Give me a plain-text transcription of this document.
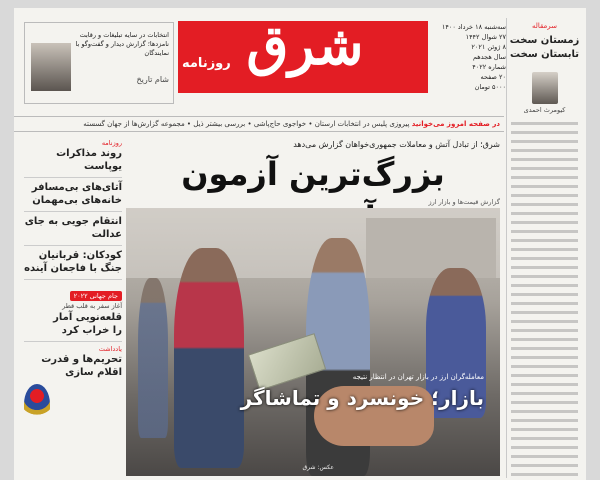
انتخابات در سایه تبلیغات و رقابت نامزدها؛ گزارش دیدار و گفت‌وگو با نمایندگان
شام تاریخ
شرق
روزنامه
سه‌شنبه ۱۸ خرداد ۱۴۰۰
۲۷ شوال ۱۴۴۲
۸ ژوئن ۲۰۲۱
سال هجدهم
شماره ۴۰۲۲
۲۰ صفحه
۵۰۰۰ تومان
سرمقاله
زمستان سخت تابستان سخت
کیومرث احمدی
در صفحه امروز می‌خوانید پیروزی پلیس در انتخابات ارستان • خواجوی حاج‌پاشی • بررسی بیشتر ذیل • مجموعه گزارش‌ها از جهان گسسته
شرق؛ از تبادل آتش و معاملات جمهوری‌خواهان گزارش می‌دهد
بزرگ‌ترین آزمون
گزارش قیمت‌ها و بازار ارز
معامله‌گران ارز در بازار تهران در انتظار نتیجه
بازار؛ خونسرد و تماشاگر
عکس: شرق
روزنامه
روند مذاکرات یوپاست
آتای‌های بی‌مسافر خانه‌های بی‌مهمان
انتقام جویی به جای عدالت
کودکان: قربانیان جنگ با فاجعان آینده
جام جهانی ۲۰۲۲
آغاز سفر به قلب قطر
قلعه‌نویی آمار را خراب کرد
یادداشت
تحریم‌ها و قدرت اقلام سازی
